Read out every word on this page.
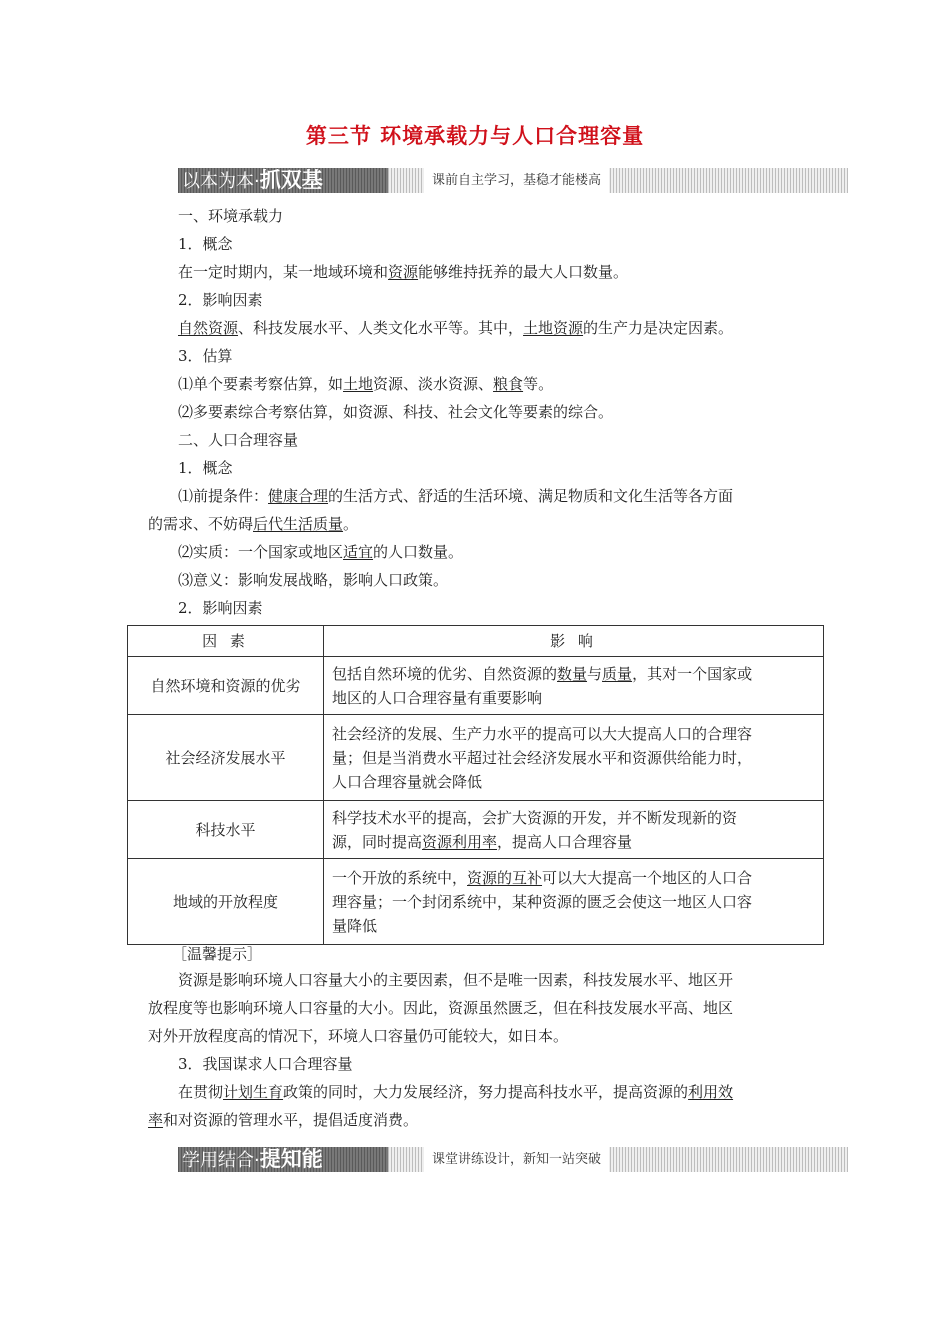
第三节 环境承载力与人口合理容量
以本为本·抓双基	课前自主学习，基稳才能楼高
一、环境承载力
1．概念
在一定时期内，某一地域环境和资源能够维持抚养的最大人口数量。
2．影响因素
自然资源、科技发展水平、人类文化水平等。其中，土地资源的生产力是决定因素。
3．估算
⑴单个要素考察估算，如土地资源、淡水资源、粮食等。
⑵多要素综合考察估算，如资源、科技、社会文化等要素的综合。
二、人口合理容量
1．概念
⑴前提条件：健康合理的生活方式、舒适的生活环境、满足物质和文化生活等各方面
的需求、不妨碍后代生活质量。
⑵实质：一个国家或地区适宜的人口数量。
⑶意义：影响发展战略，影响人口政策。
2．影响因素
因 素	影 响
自然环境和资源的优劣	包括自然环境的优劣、自然资源的数量与质量，其对一个国家或
地区的人口合理容量有重要影响

社会经济发展水平	社会经济的发展、生产力水平的提高可以大大提高人口的合理容
量；但是当消费水平超过社会经济发展水平和资源供给能力时，
人口合理容量就会降低

科技水平	科学技术水平的提高，会扩大资源的开发，并不断发现新的资
源，同时提高资源利用率，提高人口合理容量

地域的开放程度	一个开放的系统中，资源的互补可以大大提高一个地区的人口合
理容量；一个封闭系统中，某种资源的匮乏会使这一地区人口容
量降低
［温馨提示］
资源是影响环境人口容量大小的主要因素，但不是唯一因素，科技发展水平、地区开
放程度等也影响环境人口容量的大小。因此，资源虽然匮乏，但在科技发展水平高、地区
对外开放程度高的情况下，环境人口容量仍可能较大，如日本。
3．我国谋求人口合理容量
在贯彻计划生育政策的同时，大力发展经济，努力提高科技水平，提高资源的利用效
率和对资源的管理水平，提倡适度消费。
学用结合·提知能	课堂讲练设计，新知一站突破
